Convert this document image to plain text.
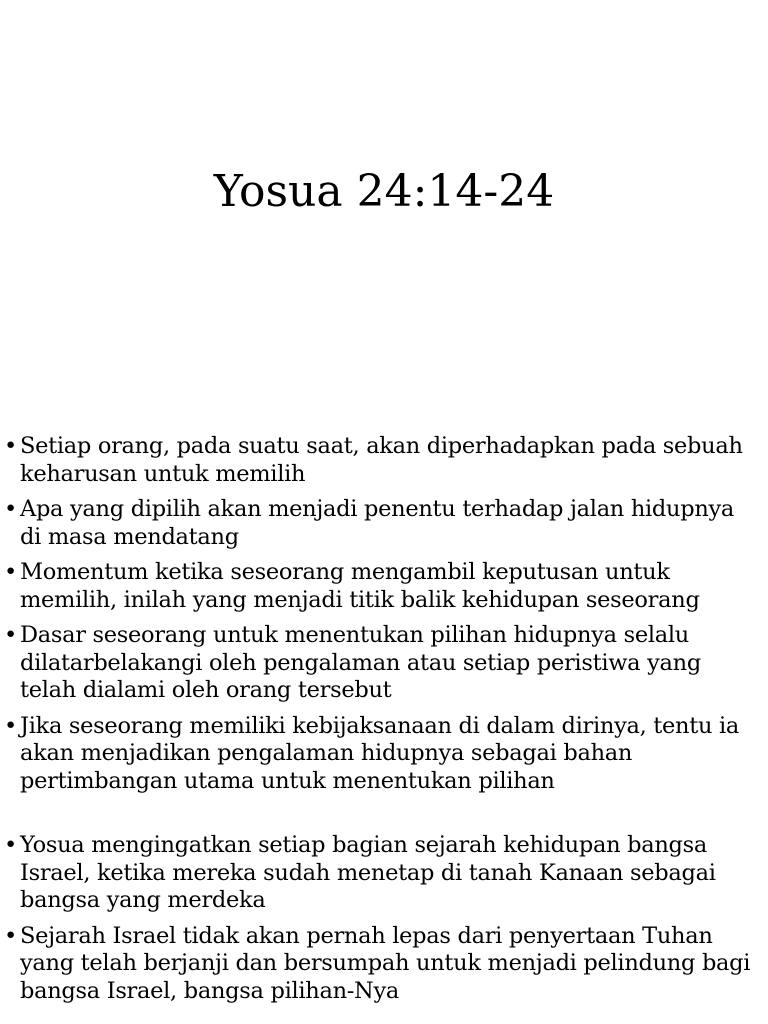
Yosua 24:14-24
• Setiap orang, pada suatu saat, akan diperhadapkan pada sebuah keharusan untuk memilih
• Apa yang dipilih akan menjadi penentu terhadap jalan hidupnya di masa mendatang
• Momentum ketika seseorang mengambil keputusan untuk memilih, inilah yang menjadi titik balik kehidupan seseorang
• Dasar seseorang untuk menentukan pilihan hidupnya selalu dilatarbelakangi oleh pengalaman atau setiap peristiwa yang telah dialami oleh orang tersebut
• Jika seseorang memiliki kebijaksanaan di dalam dirinya, tentu ia akan menjadikan pengalaman hidupnya sebagai bahan pertimbangan utama untuk menentukan pilihan
• Yosua mengingatkan setiap bagian sejarah kehidupan bangsa Israel, ketika mereka sudah menetap di tanah Kanaan sebagai bangsa yang merdeka
• Sejarah Israel tidak akan pernah lepas dari penyertaan Tuhan yang telah berjanji dan bersumpah untuk menjadi pelindung bagi bangsa Israel, bangsa pilihan-Nya
